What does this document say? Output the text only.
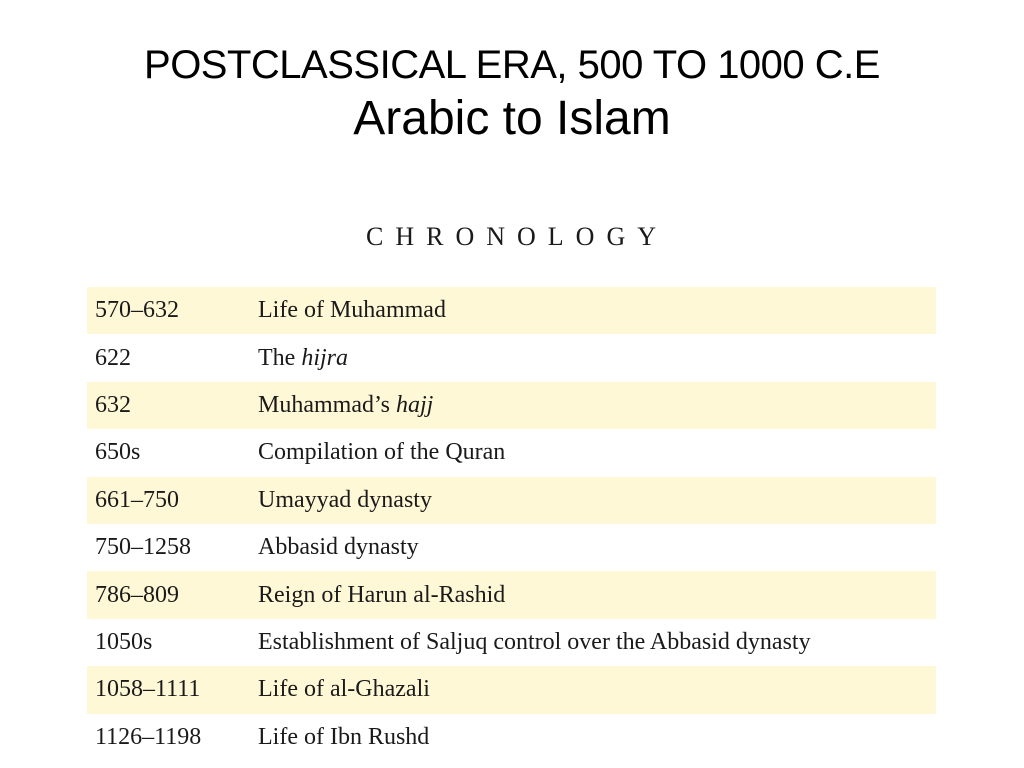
POSTCLASSICAL ERA, 500 TO 1000 C.E
Arabic to Islam
CHRONOLOGY
570–632	Life of Muhammad
622	The hijra
632	Muhammad’s hajj
650s	Compilation of the Quran
661–750	Umayyad dynasty
750–1258	Abbasid dynasty
786–809	Reign of Harun al-Rashid
1050s	Establishment of Saljuq control over the Abbasid dynasty
1058–1111	Life of al-Ghazali
1126–1198	Life of Ibn Rushd
